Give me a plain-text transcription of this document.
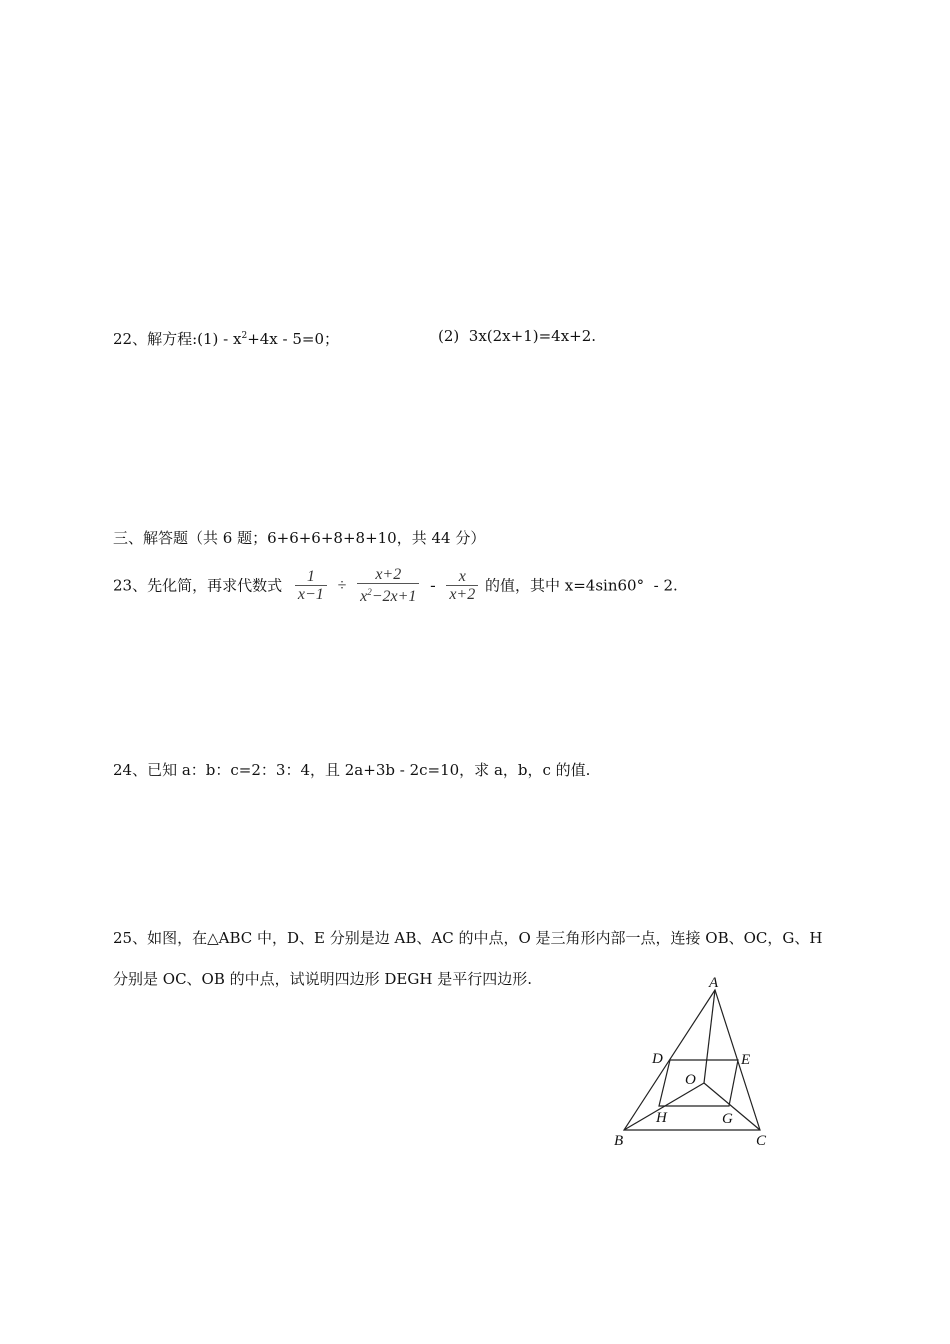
22、解方程:(1) - $x^2+4x - 5=0$；	(2)  3x(2x+1)=4x+2.
三、解答题（共 6 题；6+6+6+8+8+10，共 44 分）
23、先化简，再求代数式 $\frac{1}{x-1} \div \frac{x+2}{x^2-2x+1} - \frac{x}{x+2}$ 的值，其中 x=4sin60°  - 2.
24、已知 a：b：c=2：3：4，且 2a+3b - 2c=10，求 a，b，c 的值.
25、如图，在△ABC 中，D、E 分别是边 AB、AC 的中点，O 是三角形内部一点，连接 OB、OC，G、H
分别是 OC、OB 的中点，试说明四边形 DEGH 是平行四边形.	A
B	C
D	E
O
G
H
